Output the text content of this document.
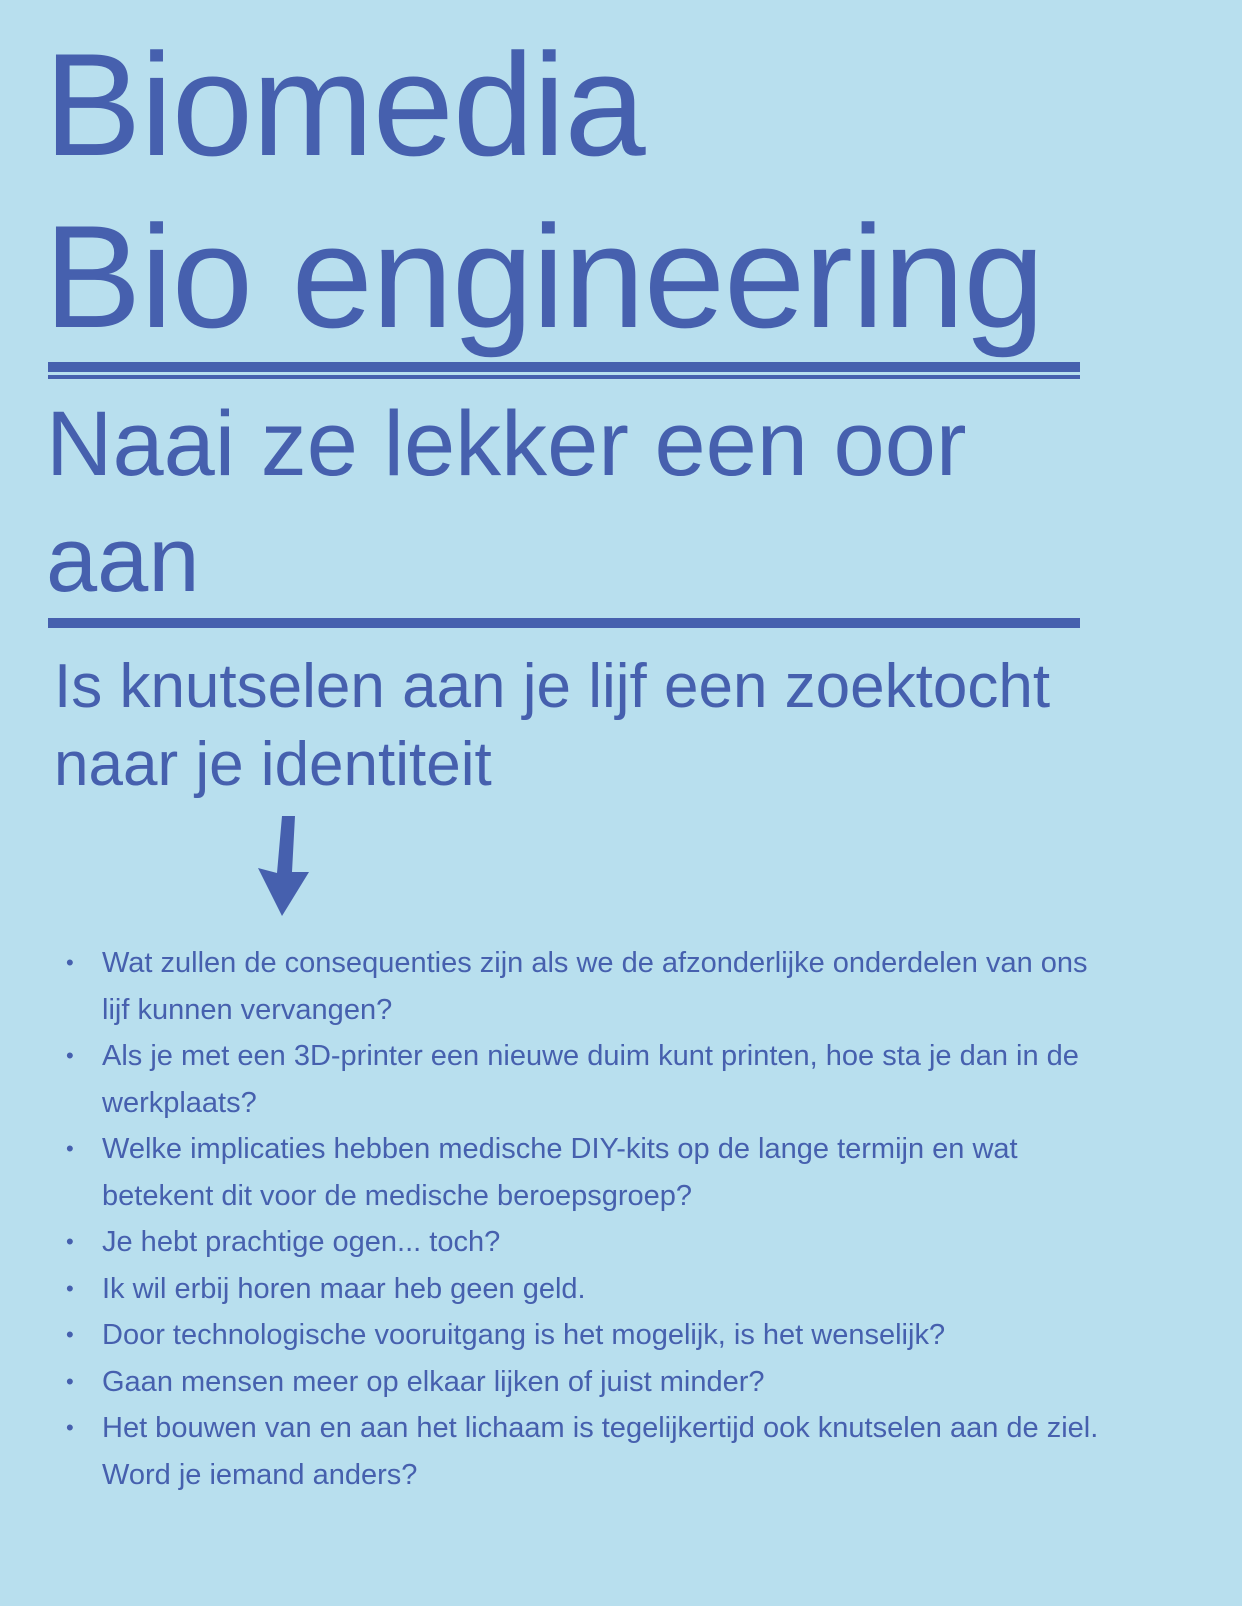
Biomedia
Bio engineering
Naai ze lekker een oor aan
Is knutselen aan je lijf een zoektocht naar je identiteit
• Wat zullen de consequenties zijn als we de afzonderlijke onderdelen van ons lijf kunnen vervangen?
• Als je met een 3D-printer een nieuwe duim kunt printen, hoe sta je dan in de werkplaats?
• Welke implicaties hebben medische DIY-kits op de lange termijn en wat betekent dit voor de medische beroepsgroep?
• Je hebt prachtige ogen... toch?
• Ik wil erbij horen maar heb geen geld.
• Door technologische vooruitgang is het mogelijk, is het wenselijk?
• Gaan mensen meer op elkaar lijken of juist minder?
• Het bouwen van en aan het lichaam is tegelijkertijd ook knutselen aan de ziel. Word je iemand anders?
